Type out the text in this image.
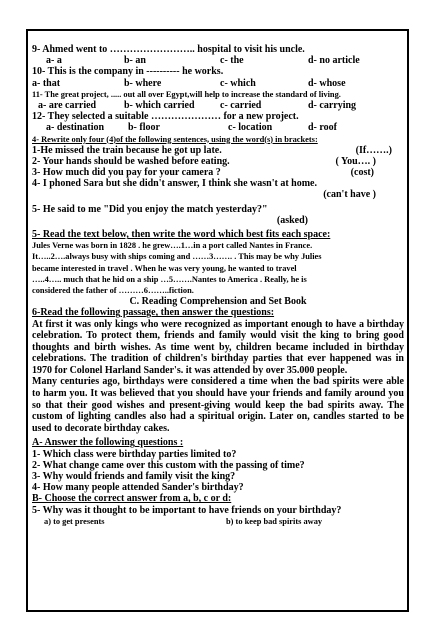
9- Ahmed went to …………………….. hospital to visit his uncle.
a- a	b- an	c- the	d- no article
10- This is the company in ---------- he works.
a- that	b- where	c- which	d- whose
11- The great project, ..... out all over Egypt,will help to increase the standard of living.
a- are carried	b- which carried	c- carried	d- carrying
12- They selected a suitable ………………… for a new project.
a- destination b- floor	c- location	d- roof
4- Rewrite only four (4)of the following sentences, using the word(s) in brackets:
1-He missed the train because he got up late.	(If…….)
2- Your hands should be washed before eating.	( You…. )
3- How much did you pay for your camera ?	(cost)
4- I phoned Sara but she didn't answer, I think she wasn't at home.
(can't have )
5- He said to me "Did you enjoy the match yesterday?"
(asked)
5- Read the text below, then write the word which best fits each space:
Jules Verne was born in 1828 . he grew….1…in a port called Nantes in France.
It…..2….always busy with ships coming and ……3……. . This may be why Julies
became interested in travel . When he was very young, he wanted to travel
…..4….. much that he hid on a ship …5…….Nantes to America . Really, he is
considered the father of ………6……..fiction.
C. Reading Comprehension and Set Book
6-Read the following passage, then answer the questions:
At first it was only kings who were recognized as important enough to have a birthday celebration. To protect them, friends and family would visit the king to bring good thoughts and birth wishes. As time went by, children became included in birthday celebrations. The tradition of children's birthday parties that ever happened was in 1970 for Colonel Harland Sander's. it was attended by over 35.000 people.
Many centuries ago, birthdays were considered a time when the bad spirits were able to harm you. It was believed that you should have your friends and family around you so that their good wishes and present-giving would keep the bad spirits away. The custom of lighting candles also had a spiritual origin. Later on, candles started to be used to decorate birthday cakes.
A- Answer the following questions :
1- Which class were birthday parties limited to?
2- What change came over this custom with the passing of time?
3- Why would friends and family visit the king?
4- How many people attended Sander's birthday?
B- Choose the correct answer from a, b, c or d:
5- Why was it thought to be important to have friends on your birthday?
a) to get presents	b) to keep bad spirits away
